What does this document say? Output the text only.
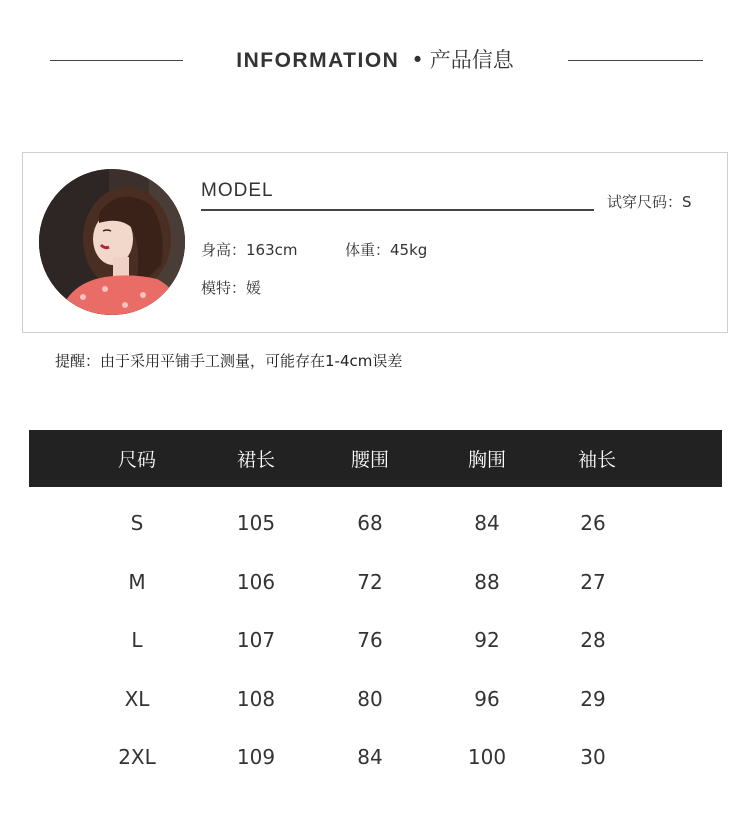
INFORMATION • 产品信息
MODEL
试穿尺码：S
身高：163cm	体重：45kg
模特：媛
提醒：由于采用平铺手工测量，可能存在1-4cm误差
尺码	裙长	腰围	胸围	袖长
S	105	68	84	26
M	106	72	88	27
L	107	76	92	28
XL	108	80	96	29
2XL	109	84	100	30
